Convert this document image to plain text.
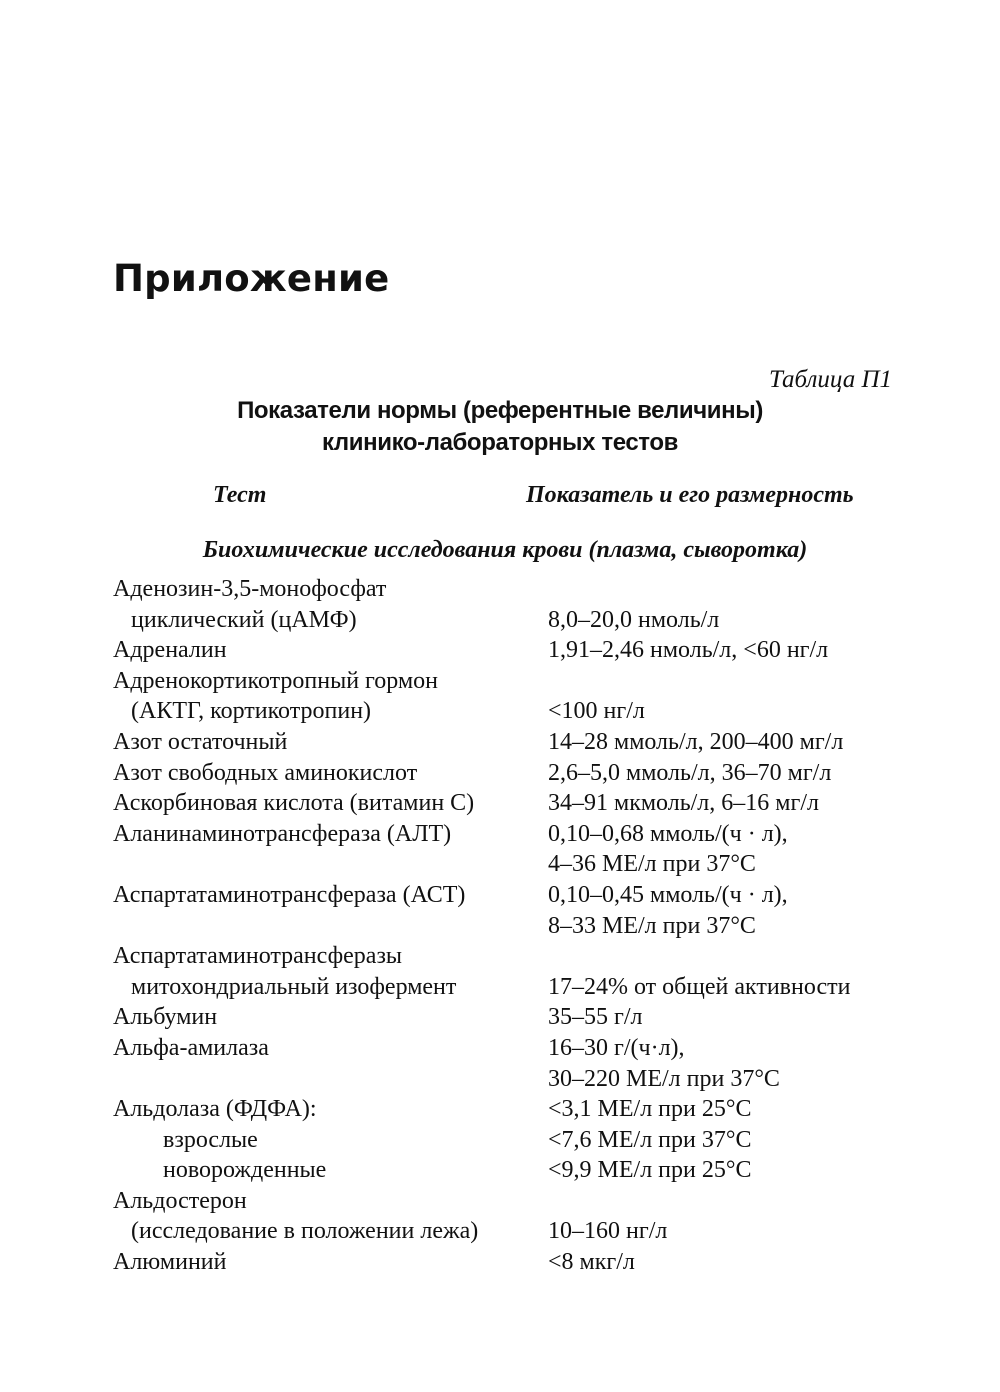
Приложение
Таблица П1
Показатели нормы (референтные величины)
клинико-лабораторных тестов
Тест	Показатель и его размерность
Биохимические исследования крови (плазма, сыворотка)
Аденозин-3,5-монофосфат
циклический (цАМФ)	8,0–20,0 нмоль/л
Адреналин	1,91–2,46 нмоль/л, <60 нг/л
Адренокортикотропный гормон
(АКТГ, кортикотропин)	<100 нг/л
Азот остаточный	14–28 ммоль/л, 200–400 мг/л
Азот свободных аминокислот	2,6–5,0 ммоль/л, 36–70 мг/л
Аскорбиновая кислота (витамин С)	34–91 мкмоль/л, 6–16 мг/л
Аланинаминотрансфераза (АЛТ)	0,10–0,68 ммоль/(ч · л),
4–36 МЕ/л при 37°С
Аспартатаминотрансфераза (АСТ)	0,10–0,45 ммоль/(ч · л),
8–33 МЕ/л при 37°С
Аспартатаминотрансферазы
митохондриальный изофермент	17–24% от общей активности
Альбумин	35–55 г/л
Альфа-амилаза	16–30 г/(ч·л),
30–220 МЕ/л при 37°С
Альдолаза (ФДФА):	<3,1 МЕ/л при 25°С
взрослые	<7,6 МЕ/л при 37°С
новорожденные	<9,9 МЕ/л при 25°С
Альдостерон
(исследование в положении лежа)	10–160 нг/л
Алюминий	<8 мкг/л
